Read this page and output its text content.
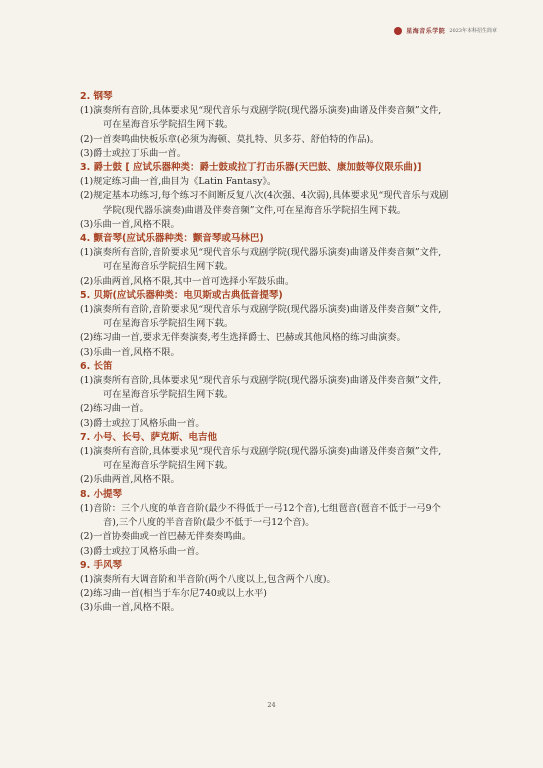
星海音乐学院 2023年本科招生简章
2. 钢琴
(1)演奏所有音阶,具体要求见“现代音乐与戏剧学院(现代器乐演奏)曲谱及伴奏音频”文件,
可在星海音乐学院招生网下载。
(2)一首奏鸣曲快板乐章(必须为海顿、莫扎特、贝多芬、舒伯特的作品)。
(3)爵士或拉丁乐曲一首。
3. 爵士鼓 [ 应试乐器种类：爵士鼓或拉丁打击乐器(天巴鼓、康加鼓等仪限乐曲)]
(1)规定练习曲一首,曲目为《Latin Fantasy》。
(2)规定基本功练习,每个练习不间断反复八次(4次强、4次弱),具体要求见“现代音乐与戏剧
学院(现代器乐演奏)曲谱及伴奏音频”文件,可在星海音乐学院招生网下载。
(3)乐曲一首,风格不限。
4. 颤音琴(应试乐器种类：颤音琴或马林巴)
(1)演奏所有音阶,音阶要求见“现代音乐与戏剧学院(现代器乐演奏)曲谱及伴奏音频”文件,
可在星海音乐学院招生网下载。
(2)乐曲两首,风格不限,其中一首可选择小军鼓乐曲。
5. 贝斯(应试乐器种类：电贝斯或古典低音提琴)
(1)演奏所有音阶,音阶要求见“现代音乐与戏剧学院(现代器乐演奏)曲谱及伴奏音频”文件,
可在星海音乐学院招生网下载。
(2)练习曲一首,要求无伴奏演奏,考生选择爵士、巴赫或其他风格的练习曲演奏。
(3)乐曲一首,风格不限。
6. 长笛
(1)演奏所有音阶,具体要求见“现代音乐与戏剧学院(现代器乐演奏)曲谱及伴奏音频”文件,
可在星海音乐学院招生网下载。
(2)练习曲一首。
(3)爵士或拉丁风格乐曲一首。
7. 小号、长号、萨克斯、电吉他
(1)演奏所有音阶,具体要求见“现代音乐与戏剧学院(现代器乐演奏)曲谱及伴奏音频”文件,
可在星海音乐学院招生网下载。
(2)乐曲两首,风格不限。
8. 小提琴
(1)音阶：三个八度的单音音阶(最少不得低于一弓12个音),七组琶音(琶音不低于一弓9个
音),三个八度的半音音阶(最少不低于一弓12个音)。
(2)一首协奏曲或一首巴赫无伴奏奏鸣曲。
(3)爵士或拉丁风格乐曲一首。
9. 手风琴
(1)演奏所有大调音阶和半音阶(两个八度以上,包含两个八度)。
(2)练习曲一首(相当于车尔尼740或以上水平)
(3)乐曲一首,风格不限。
24
